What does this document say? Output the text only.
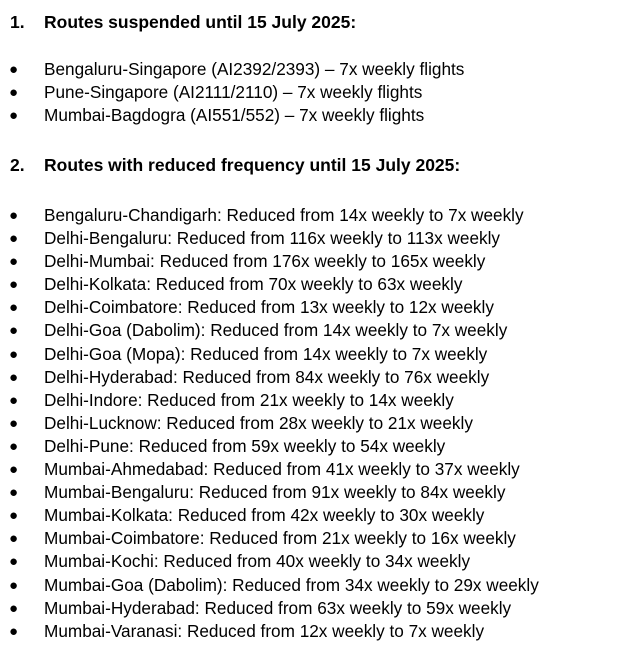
1.	Routes suspended until 15 July 2025:
● Bengaluru-Singapore (AI2392/2393) – 7x weekly flights
● Pune-Singapore (AI2111/2110) – 7x weekly flights
● Mumbai-Bagdogra (AI551/552) – 7x weekly flights
2.	Routes with reduced frequency until 15 July 2025:
● Bengaluru-Chandigarh: Reduced from 14x weekly to 7x weekly
● Delhi-Bengaluru: Reduced from 116x weekly to 113x weekly
● Delhi-Mumbai: Reduced from 176x weekly to 165x weekly
● Delhi-Kolkata: Reduced from 70x weekly to 63x weekly
● Delhi-Coimbatore: Reduced from 13x weekly to 12x weekly
● Delhi-Goa (Dabolim): Reduced from 14x weekly to 7x weekly
● Delhi-Goa (Mopa): Reduced from 14x weekly to 7x weekly
● Delhi-Hyderabad: Reduced from 84x weekly to 76x weekly
● Delhi-Indore: Reduced from 21x weekly to 14x weekly
● Delhi-Lucknow: Reduced from 28x weekly to 21x weekly
● Delhi-Pune: Reduced from 59x weekly to 54x weekly
● Mumbai-Ahmedabad: Reduced from 41x weekly to 37x weekly
● Mumbai-Bengaluru: Reduced from 91x weekly to 84x weekly
● Mumbai-Kolkata: Reduced from 42x weekly to 30x weekly
● Mumbai-Coimbatore: Reduced from 21x weekly to 16x weekly
● Mumbai-Kochi: Reduced from 40x weekly to 34x weekly
● Mumbai-Goa (Dabolim): Reduced from 34x weekly to 29x weekly
● Mumbai-Hyderabad: Reduced from 63x weekly to 59x weekly
● Mumbai-Varanasi: Reduced from 12x weekly to 7x weekly
